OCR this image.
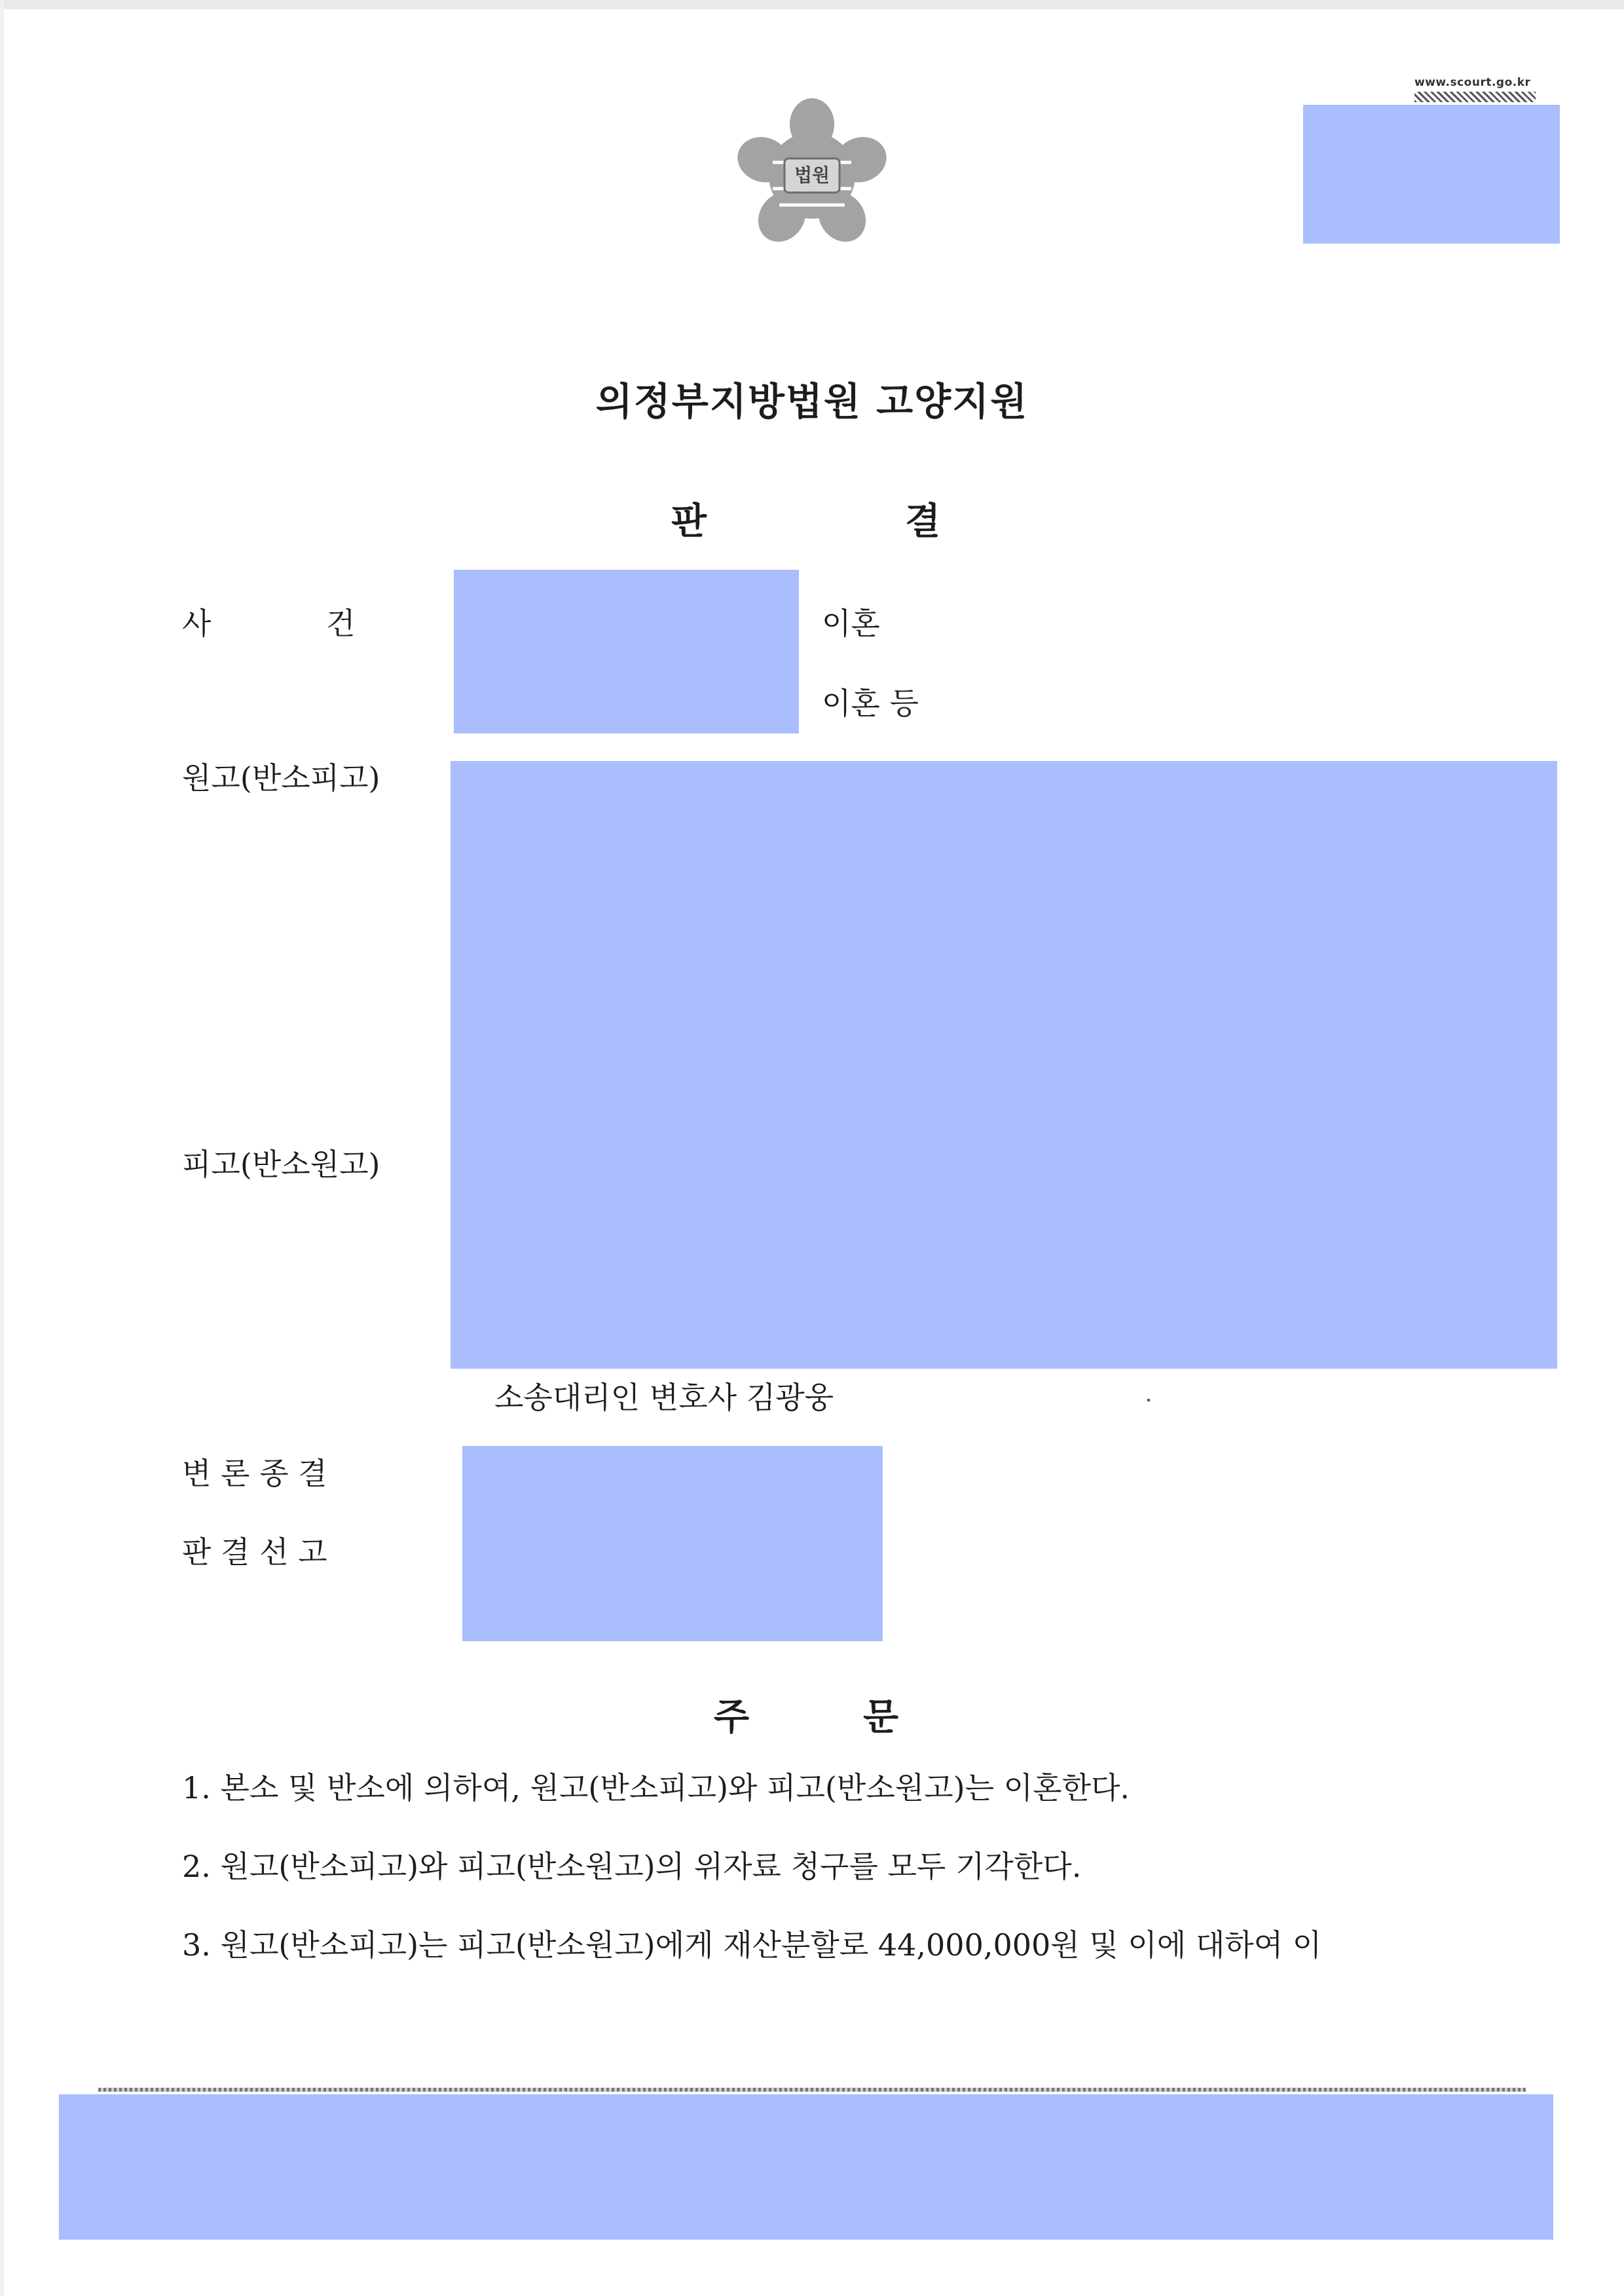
법원
www.scourt.go.kr
의정부지방법원 고양지원
판	결
사	건	이혼
이혼 등
원고(반소피고)
피고(반소원고)
소송대리인 변호사 김광웅
변 론 종 결
판 결 선 고
주	문
1. 본소 및 반소에 의하여, 원고(반소피고)와 피고(반소원고)는 이혼한다.
2. 원고(반소피고)와 피고(반소원고)의 위자료 청구를 모두 기각한다.
3. 원고(반소피고)는 피고(반소원고)에게 재산분할로 44,000,000원 및 이에 대하여 이
